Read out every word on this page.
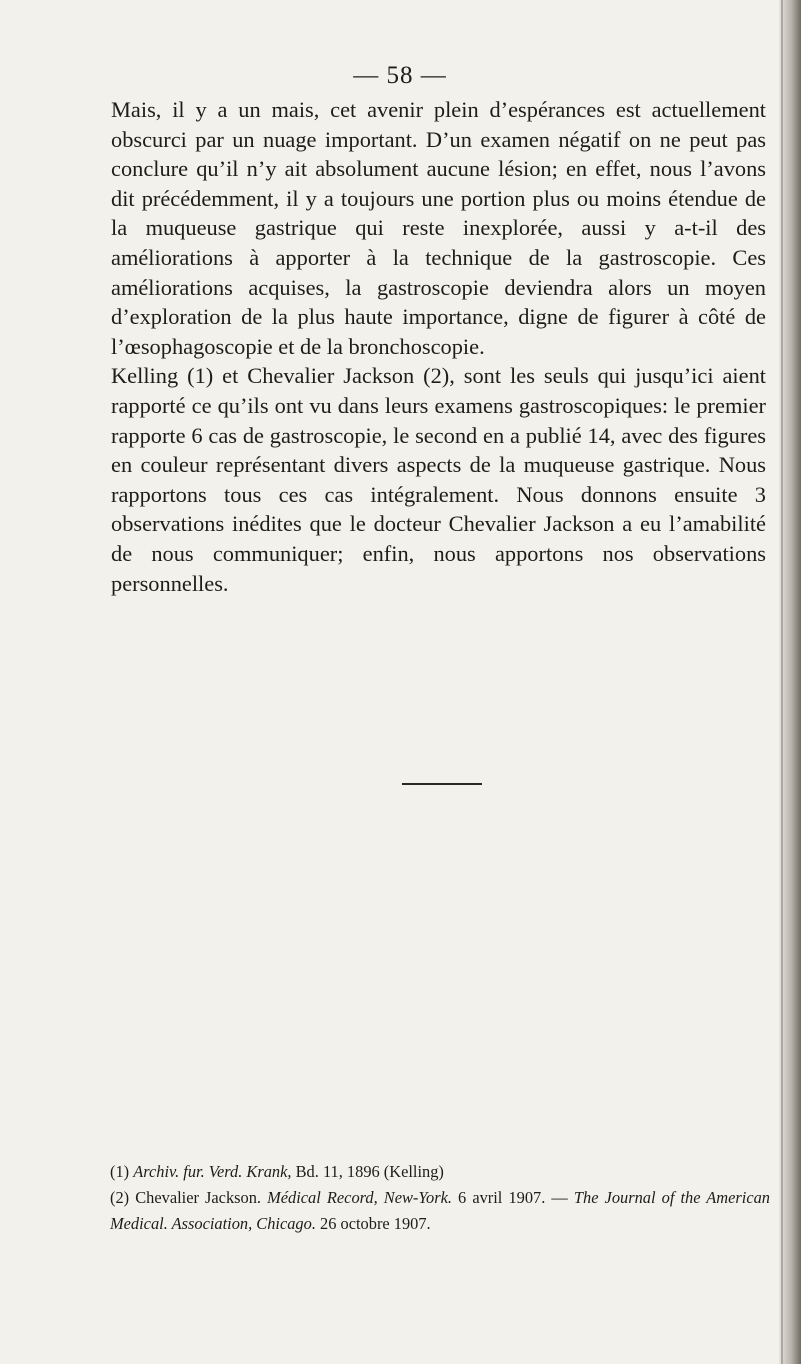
— 58 —

Mais, il y a un mais, cet avenir plein d’espérances est actuellement obscurci par un nuage important. D’un examen négatif on ne peut pas conclure qu’il n’y ait absolument aucune lésion; en effet, nous l’avons dit précédemment, il y a toujours une portion plus ou moins étendue de la muqueuse gastrique qui reste inexplorée, aussi y a-t-il des améliorations à apporter à la technique de la gastroscopie. Ces améliorations acquises, la gastroscopie deviendra alors un moyen d’exploration de la plus haute importance, digne de figurer à côté de l’œsophagoscopie et de la bronchoscopie.

Kelling (1) et Chevalier Jackson (2), sont les seuls qui jusqu’ici aient rapporté ce qu’ils ont vu dans leurs examens gastroscopiques: le premier rapporte 6 cas de gastroscopie, le second en a publié 14, avec des figures en couleur représentant divers aspects de la muqueuse gastrique. Nous rapportons tous ces cas intégralement. Nous donnons ensuite 3 observations inédites que le docteur Chevalier Jackson a eu l’amabilité de nous communiquer; enfin, nous apportons nos observations personnelles.

(1) Archiv. fur. Verd. Krank, Bd. 11, 1896 (Kelling)

(2) Chevalier Jackson. Médical Record, New-York. 6 avril 1907. — The Journal of the American Medical. Association, Chicago. 26 octobre 1907.
